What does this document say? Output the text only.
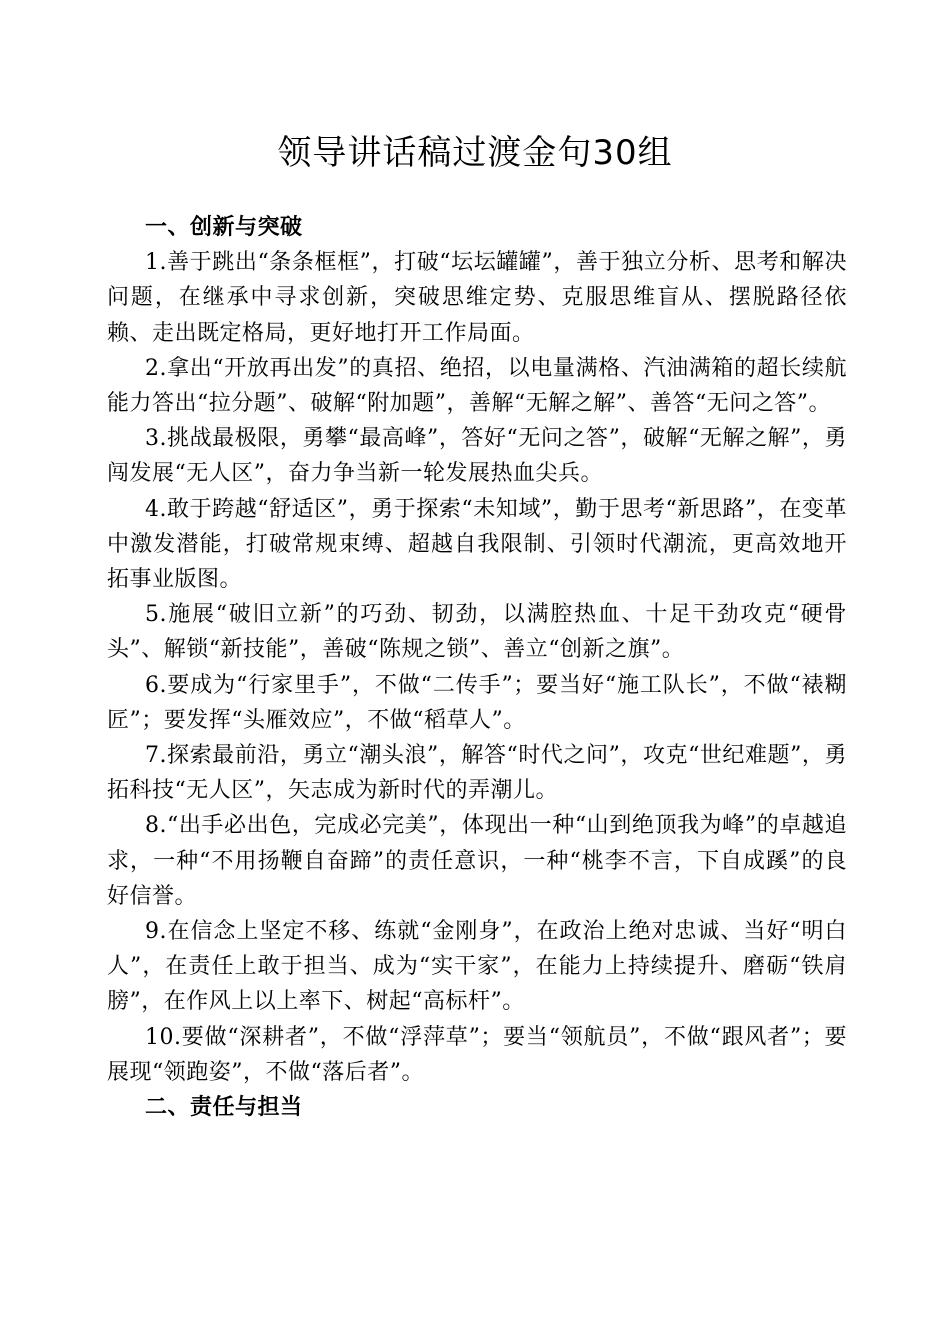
领导讲话稿过渡金句30组

一、创新与突破

1.善于跳出“条条框框”，打破“坛坛罐罐”，善于独立分析、思考和解决问题，在继承中寻求创新，突破思维定势、克服思维盲从、摆脱路径依赖、走出既定格局，更好地打开工作局面。

2.拿出“开放再出发”的真招、绝招，以电量满格、汽油满箱的超长续航能力答出“拉分题”、破解“附加题”，善解“无解之解”、善答“无问之答”。

3.挑战最极限，勇攀“最高峰”，答好“无问之答”，破解“无解之解”，勇闯发展“无人区”，奋力争当新一轮发展热血尖兵。

4.敢于跨越“舒适区”，勇于探索“未知域”，勤于思考“新思路”，在变革中激发潜能，打破常规束缚、超越自我限制、引领时代潮流，更高效地开拓事业版图。

5.施展“破旧立新”的巧劲、韧劲，以满腔热血、十足干劲攻克“硬骨头”、解锁“新技能”，善破“陈规之锁”、善立“创新之旗”。

6.要成为“行家里手”，不做“二传手”；要当好“施工队长”，不做“裱糊匠”；要发挥“头雁效应”，不做“稻草人”。

7.探索最前沿，勇立“潮头浪”，解答“时代之问”，攻克“世纪难题”，勇拓科技“无人区”，矢志成为新时代的弄潮儿。

8.“出手必出色，完成必完美”，体现出一种“山到绝顶我为峰”的卓越追求，一种“不用扬鞭自奋蹄”的责任意识，一种“桃李不言，下自成蹊”的良好信誉。

9.在信念上坚定不移、练就“金刚身”，在政治上绝对忠诚、当好“明白人”，在责任上敢于担当、成为“实干家”，在能力上持续提升、磨砺“铁肩膀”，在作风上以上率下、树起“高标杆”。

10.要做“深耕者”，不做“浮萍草”；要当“领航员”，不做“跟风者”；要展现“领跑姿”，不做“落后者”。

二、责任与担当
